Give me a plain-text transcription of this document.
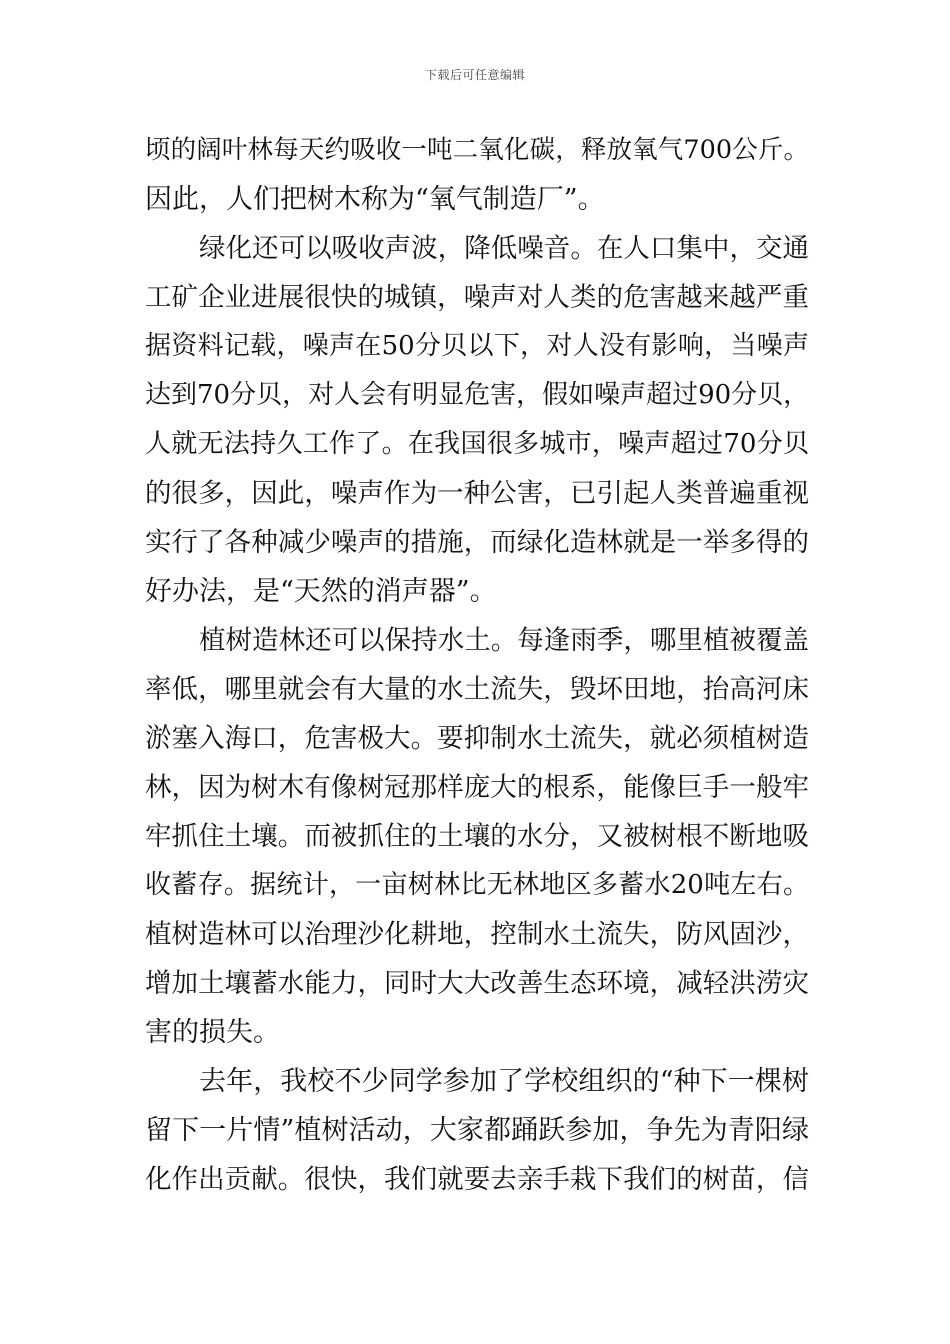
下载后可任意编辑
顷的阔叶林每天约吸收一吨二氧化碳，释放氧气700公斤。
因此，人们把树木称为“氧气制造厂”。
绿化还可以吸收声波，降低噪音。在人口集中，交通
工矿企业进展很快的城镇，噪声对人类的危害越来越严重
据资料记载，噪声在50分贝以下，对人没有影响，当噪声
达到70分贝，对人会有明显危害，假如噪声超过90分贝，
人就无法持久工作了。在我国很多城市，噪声超过70分贝
的很多，因此，噪声作为一种公害，已引起人类普遍重视
实行了各种减少噪声的措施，而绿化造林就是一举多得的
好办法，是“天然的消声器”。
植树造林还可以保持水土。每逢雨季，哪里植被覆盖
率低，哪里就会有大量的水土流失，毁坏田地，抬高河床
淤塞入海口，危害极大。要抑制水土流失，就必须植树造
林，因为树木有像树冠那样庞大的根系，能像巨手一般牢
牢抓住土壤。而被抓住的土壤的水分，又被树根不断地吸
收蓄存。据统计，一亩树林比无林地区多蓄水20吨左右。
植树造林可以治理沙化耕地，控制水土流失，防风固沙，
增加土壤蓄水能力，同时大大改善生态环境，减轻洪涝灾
害的损失。
去年，我校不少同学参加了学校组织的“种下一棵树
留下一片情”植树活动，大家都踊跃参加，争先为青阳绿
化作出贡献。很快，我们就要去亲手栽下我们的树苗，信
